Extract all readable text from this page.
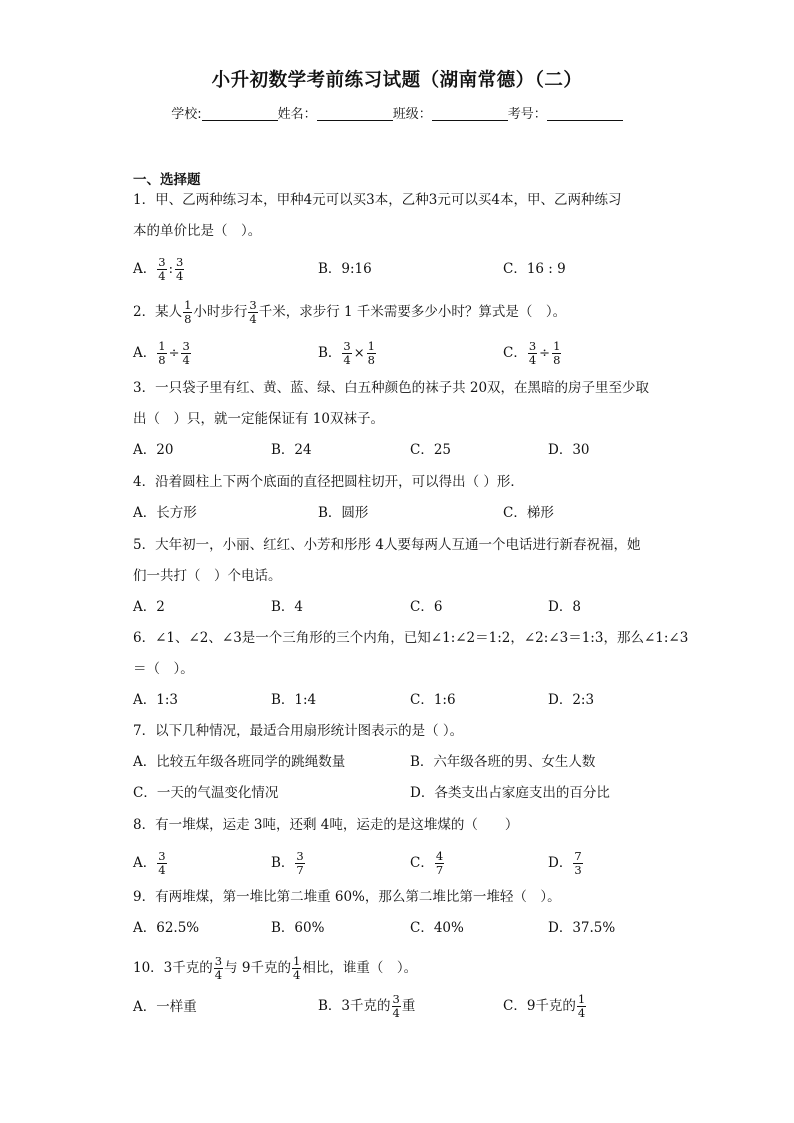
小升初数学考前练习试题（湖南常德）（二）
学校:	姓名：	班级：	考号：
一、选择题
1．甲、乙两种练习本，甲种4元可以买3本，乙种3元可以买4本，甲、乙两种练习
本的单价比是（　）。
A． $\frac{3}{4}$ : $\frac{3}{4}$	B．9:16	C．16 : 9
2．某人 $\frac{1}{8}$ 小时步行 $\frac{3}{4}$ 千米，求步行 1 千米需要多少小时？算式是（　）。
A． $\frac{1}{8} \div \frac{3}{4}$	B． $\frac{3}{4} \times \frac{1}{8}$	C． $\frac{3}{4} \div \frac{1}{8}$
3．一只袋子里有红、黄、蓝、绿、白五种颜色的袜子共 20双，在黑暗的房子里至少取
出（　）只，就一定能保证有 10双袜子。
A．20	B．24	C．25	D．30
4．沿着圆柱上下两个底面的直径把圆柱切开，可以得出（ ）形．
A．长方形	B．圆形	C．梯形
5．大年初一，小丽、红红、小芳和彤彤 4人要每两人互通一个电话进行新春祝福，她
们一共打（　）个电话。
A．2	B．4	C．6	D．8
6．∠1、∠2、∠3是一个三角形的三个内角，已知∠1:∠2＝1:2，∠2:∠3＝1:3，那么∠1:∠3
＝（　）。
A．1:3	B．1:4	C．1:6	D．2:3
7．以下几种情况，最适合用扇形统计图表示的是（ ）。
A．比较五年级各班同学的跳绳数量	B．六年级各班的男、女生人数
C．一天的气温变化情况	D．各类支出占家庭支出的百分比
8．有一堆煤，运走 3吨，还剩 4吨，运走的是这堆煤的（　　）
A． $\frac{3}{4}$	B． $\frac{3}{7}$	C． $\frac{4}{7}$	D． $\frac{7}{3}$
9．有两堆煤，第一堆比第二堆重 60%，那么第二堆比第一堆轻（　）。
A．62.5%	B．60%	C．40%	D．37.5%
10．3千克的 $\frac{3}{4}$ 与 9千克的 $\frac{1}{4}$ 相比，谁重（　）。
A．一样重	B．3千克的 $\frac{3}{4}$ 重	C．9千克的 $\frac{1}{4}$
